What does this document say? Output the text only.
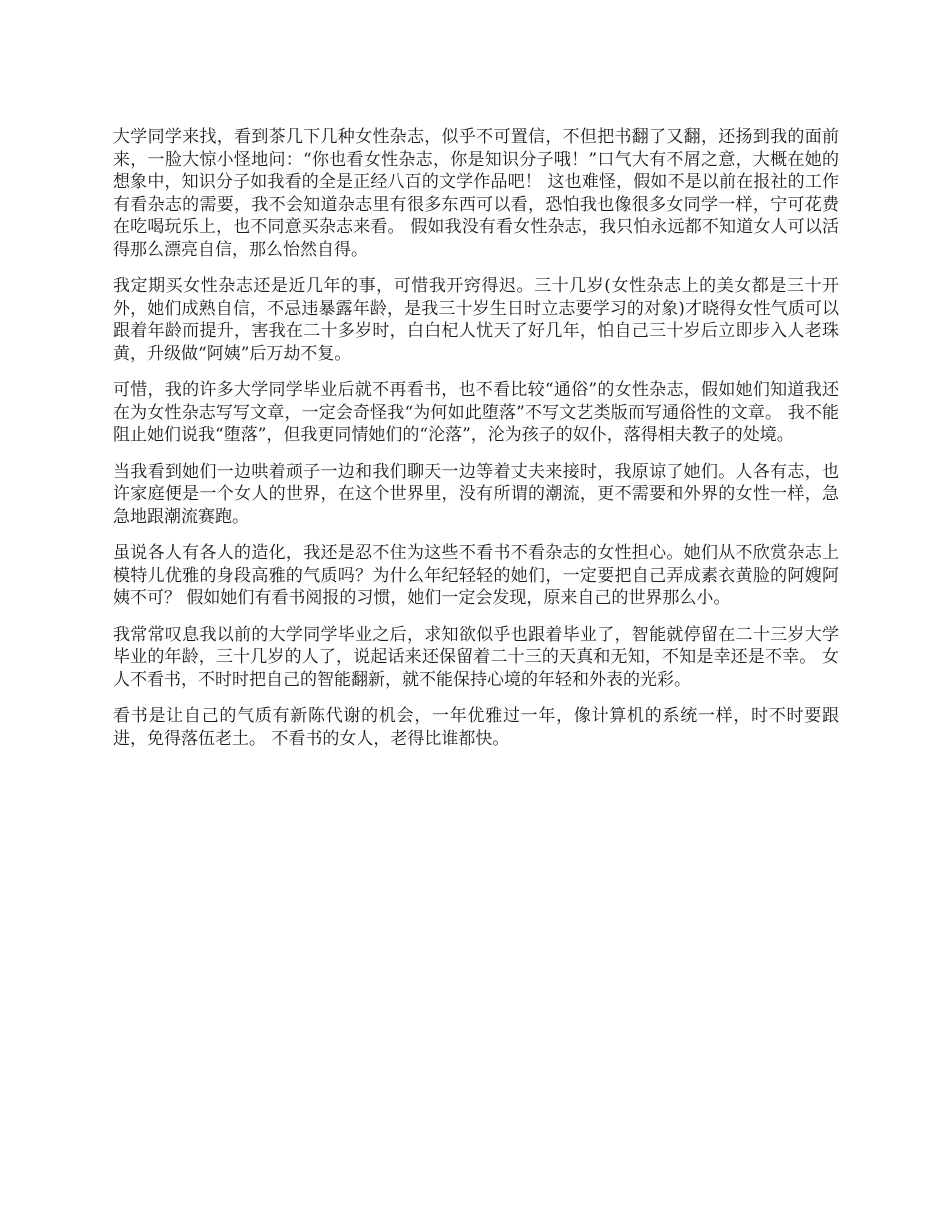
大学同学来找，看到茶几下几种女性杂志，似乎不可置信，不但把书翻了又翻，还扬到我的面前来，一脸大惊小怪地问：“你也看女性杂志，你是知识分子哦！”口气大有不屑之意，大概在她的想象中，知识分子如我看的全是正经八百的文学作品吧！ 这也难怪，假如不是以前在报社的工作有看杂志的需要，我不会知道杂志里有很多东西可以看，恐怕我也像很多女同学一样，宁可花费在吃喝玩乐上，也不同意买杂志来看。 假如我没有看女性杂志，我只怕永远都不知道女人可以活得那么漂亮自信，那么怡然自得。

我定期买女性杂志还是近几年的事，可惜我开窍得迟。三十几岁(女性杂志上的美女都是三十开外，她们成熟自信，不忌违暴露年龄，是我三十岁生日时立志要学习的对象)才晓得女性气质可以跟着年龄而提升，害我在二十多岁时，白白杞人忧天了好几年，怕自己三十岁后立即步入人老珠黄，升级做“阿姨”后万劫不复。

可惜，我的许多大学同学毕业后就不再看书，也不看比较“通俗”的女性杂志，假如她们知道我还在为女性杂志写写文章，一定会奇怪我“为何如此堕落”不写文艺类版而写通俗性的文章。 我不能阻止她们说我“堕落”，但我更同情她们的“沦落”，沦为孩子的奴仆，落得相夫教子的处境。

当我看到她们一边哄着顽子一边和我们聊天一边等着丈夫来接时，我原谅了她们。人各有志，也许家庭便是一个女人的世界，在这个世界里，没有所谓的潮流，更不需要和外界的女性一样，急急地跟潮流赛跑。

虽说各人有各人的造化，我还是忍不住为这些不看书不看杂志的女性担心。她们从不欣赏杂志上模特儿优雅的身段高雅的气质吗？为什么年纪轻轻的她们，一定要把自己弄成素衣黄脸的阿嫂阿姨不可？ 假如她们有看书阅报的习惯，她们一定会发现，原来自己的世界那么小。

我常常叹息我以前的大学同学毕业之后，求知欲似乎也跟着毕业了，智能就停留在二十三岁大学毕业的年龄，三十几岁的人了，说起话来还保留着二十三的天真和无知，不知是幸还是不幸。 女人不看书，不时时把自己的智能翻新，就不能保持心境的年轻和外表的光彩。

看书是让自己的气质有新陈代谢的机会，一年优雅过一年，像计算机的系统一样，时不时要跟进，免得落伍老土。 不看书的女人，老得比谁都快。
